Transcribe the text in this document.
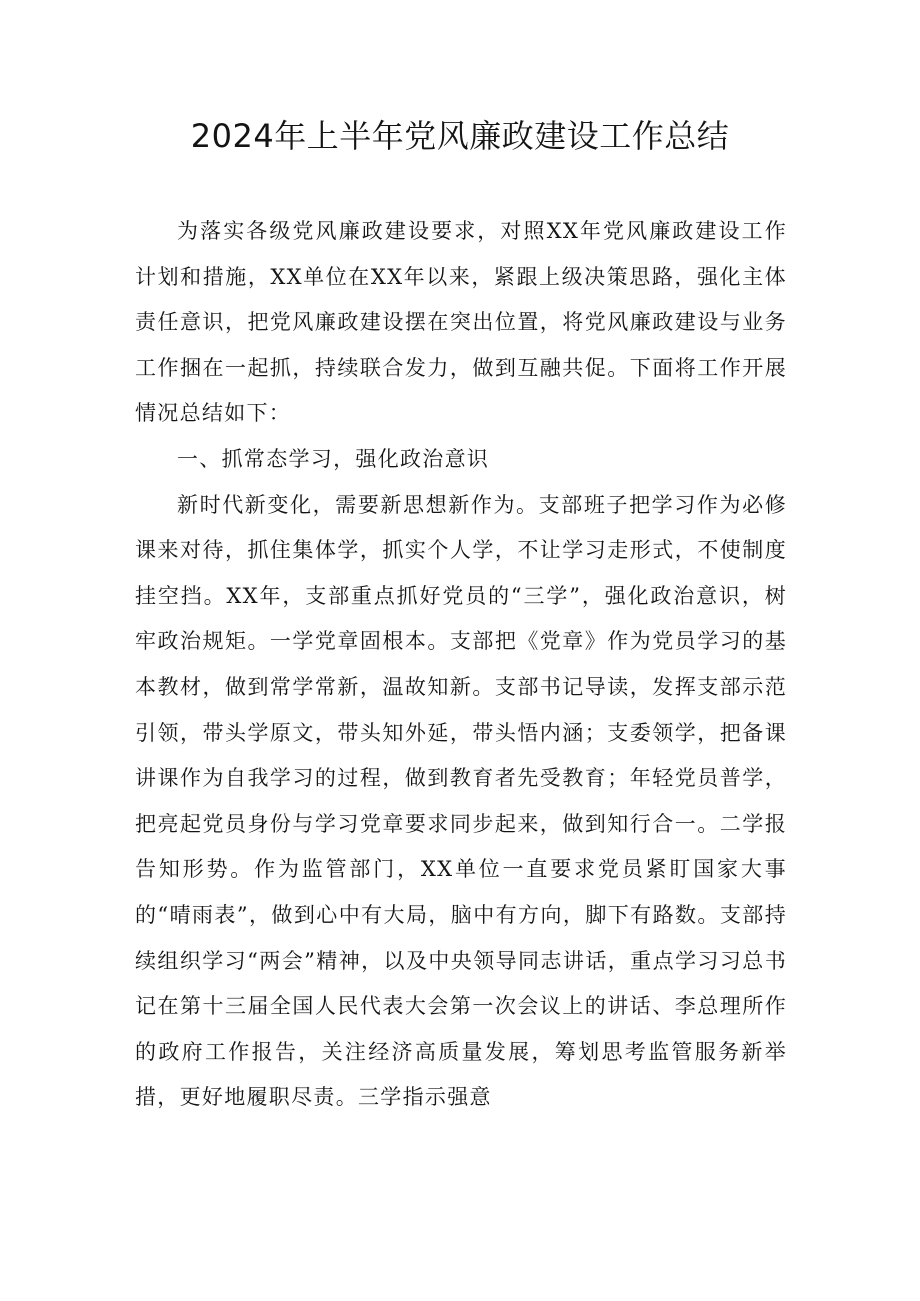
2024年上半年党风廉政建设工作总结

为落实各级党风廉政建设要求，对照XX年党风廉政建设工作计划和措施，XX单位在XX年以来，紧跟上级决策思路，强化主体责任意识，把党风廉政建设摆在突出位置，将党风廉政建设与业务工作捆在一起抓，持续联合发力，做到互融共促。下面将工作开展情况总结如下：

一、抓常态学习，强化政治意识

新时代新变化，需要新思想新作为。支部班子把学习作为必修课来对待，抓住集体学，抓实个人学，不让学习走形式，不使制度挂空挡。XX年，支部重点抓好党员的“三学”，强化政治意识，树牢政治规矩。一学党章固根本。支部把《党章》作为党员学习的基本教材，做到常学常新，温故知新。支部书记导读，发挥支部示范引领，带头学原文，带头知外延，带头悟内涵；支委领学，把备课讲课作为自我学习的过程，做到教育者先受教育；年轻党员普学，把亮起党员身份与学习党章要求同步起来，做到知行合一。二学报告知形势。作为监管部门，XX单位一直要求党员紧盯国家大事的“晴雨表”，做到心中有大局，脑中有方向，脚下有路数。支部持续组织学习“两会”精神，以及中央领导同志讲话，重点学习习总书记在第十三届全国人民代表大会第一次会议上的讲话、李总理所作的政府工作报告，关注经济高质量发展，筹划思考监管服务新举措，更好地履职尽责。三学指示强意
